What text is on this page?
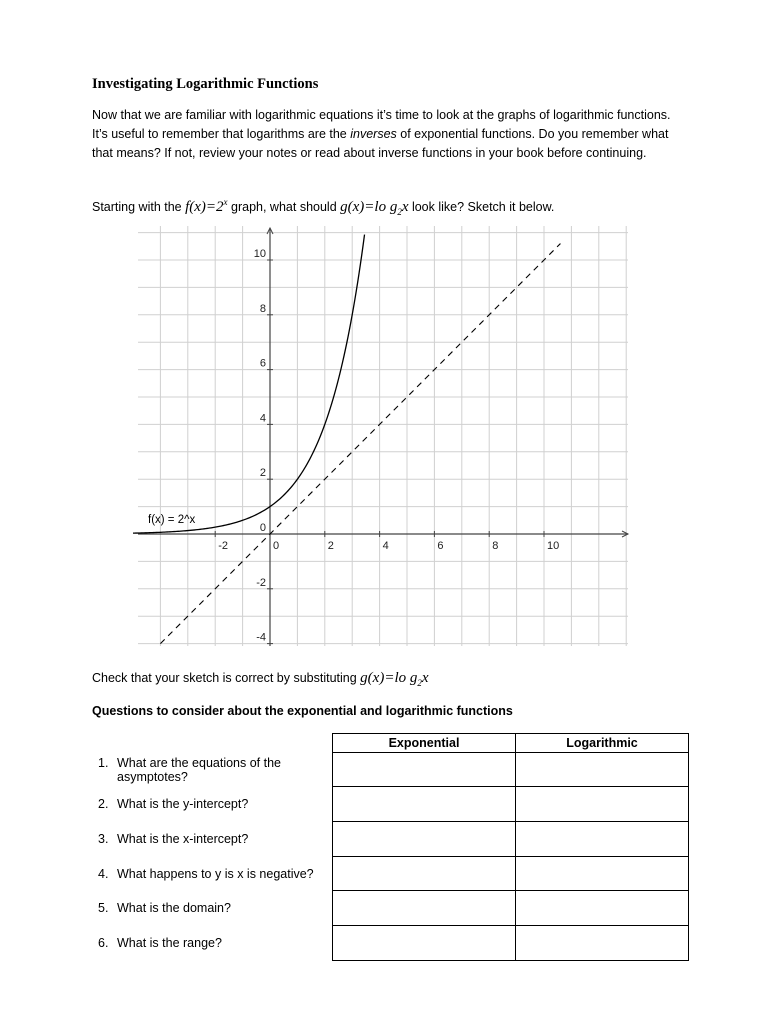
Investigating Logarithmic Functions
Now that we are familiar with logarithmic equations it’s time to look at the graphs of logarithmic functions. It’s useful to remember that logarithms are the inverses of exponential functions. Do you remember what that means? If not, review your notes or read about inverse functions in your book before continuing.
Starting with the $f(x)=2^x$ graph, what should g(x)=lo $g_2x$ look like? Sketch it below.
-2	0	2	4	6	8	10
-4
-2
2
4
6
8
10
0
f(x) = 2^x
Check that your sketch is correct by substituting g(x)=lo $g_2x$
Questions to consider about the exponential and logarithmic functions
	Exponential	Logarithmic
1. What are the equations of the asymptotes?		
2. What is the y-intercept?		
3. What is the x-intercept?		
4. What happens to y is x is negative?		
5. What is the domain?		
6. What is the range?		
